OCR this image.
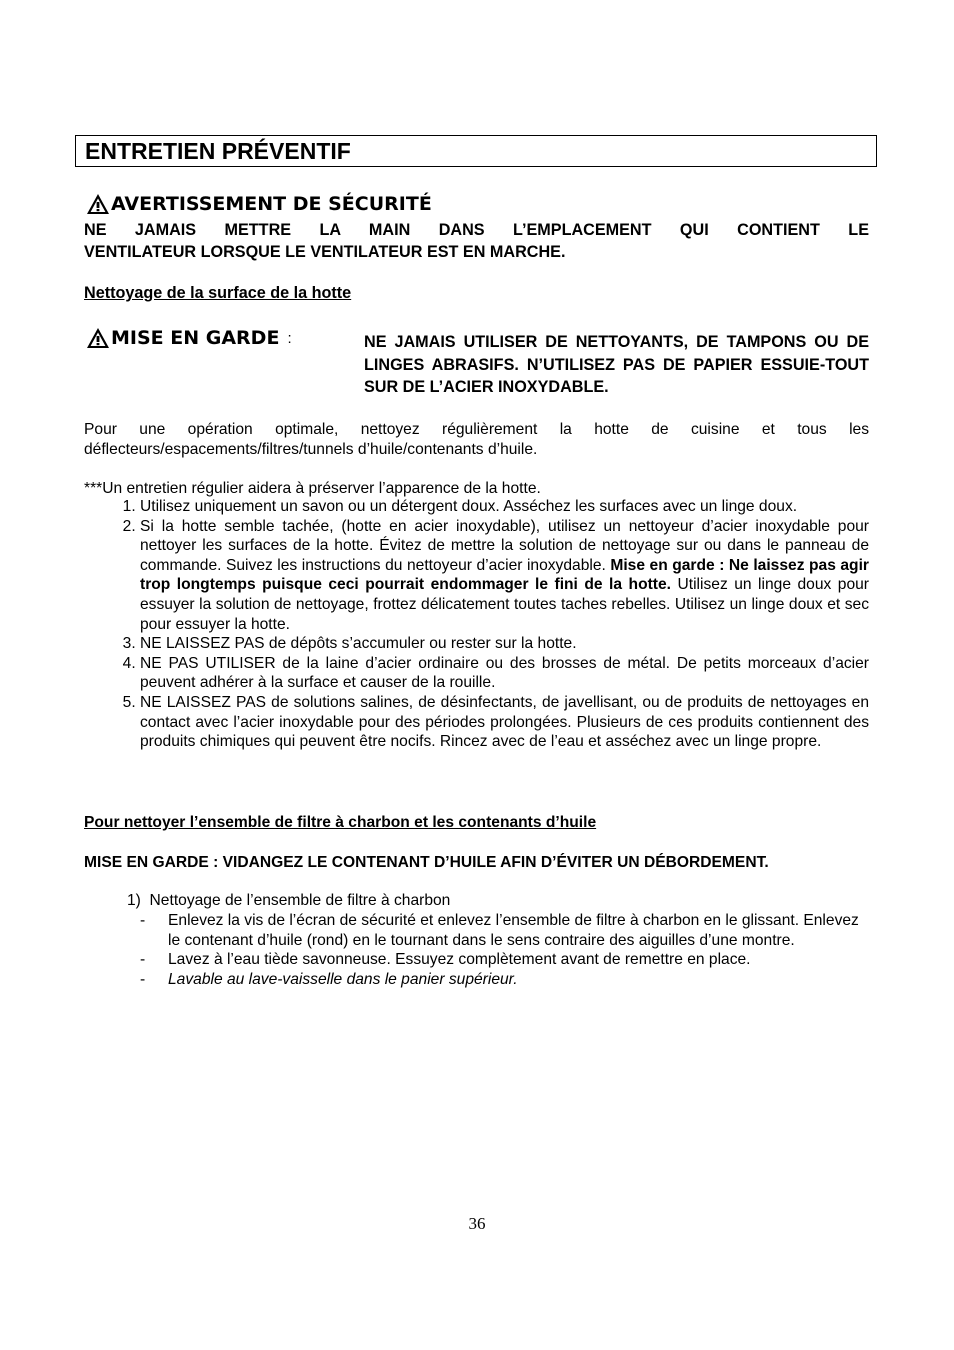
ENTRETIEN PRÉVENTIF
AVERTISSEMENT DE SÉCURITÉ
NE JAMAIS METTRE LA MAIN DANS L’EMPLACEMENT QUI CONTIENT LE
VENTILATEUR LORSQUE LE VENTILATEUR EST EN MARCHE.
Nettoyage de la surface de la hotte
MISE EN GARDE :	NE JAMAIS UTILISER DE NETTOYANTS, DE TAMPONS OU DE LINGES ABRASIFS. N’UTILISEZ PAS DE PAPIER ESSUIE-TOUT SUR DE L’ACIER INOXYDABLE.
Pour une opération optimale, nettoyez régulièrement la hotte de cuisine et tous les déflecteurs/espacements/filtres/tunnels d’huile/contenants d’huile.
***Un entretien régulier aidera à préserver l’apparence de la hotte.
1. Utilisez uniquement un savon ou un détergent doux. Asséchez les surfaces avec un linge doux.
2. Si la hotte semble tachée, (hotte en acier inoxydable), utilisez un nettoyeur d’acier inoxydable pour nettoyer les surfaces de la hotte. Évitez de mettre la solution de nettoyage sur ou dans le panneau de commande. Suivez les instructions du nettoyeur d’acier inoxydable. Mise en garde : Ne laissez pas agir trop longtemps puisque ceci pourrait endommager le fini de la hotte. Utilisez un linge doux pour essuyer la solution de nettoyage, frottez délicatement toutes taches rebelles. Utilisez un linge doux et sec pour essuyer la hotte.
3. NE LAISSEZ PAS de dépôts s’accumuler ou rester sur la hotte.
4. NE PAS UTILISER de la laine d’acier ordinaire ou des brosses de métal. De petits morceaux d’acier peuvent adhérer à la surface et causer de la rouille.
5. NE LAISSEZ PAS de solutions salines, de désinfectants, de javellisant, ou de produits de nettoyages en contact avec l’acier inoxydable pour des périodes prolongées. Plusieurs de ces produits contiennent des produits chimiques qui peuvent être nocifs. Rincez avec de l’eau et asséchez avec un linge propre.
Pour nettoyer l’ensemble de filtre à charbon et les contenants d’huile
MISE EN GARDE : VIDANGEZ LE CONTENANT D’HUILE AFIN D’ÉVITER UN DÉBORDEMENT.
1) Nettoyage de l’ensemble de filtre à charbon
- Enlevez la vis de l’écran de sécurité et enlevez l’ensemble de filtre à charbon en le glissant. Enlevez le contenant d’huile (rond) en le tournant dans le sens contraire des aiguilles d’une montre.
- Lavez à l’eau tiède savonneuse. Essuyez complètement avant de remettre en place.
- Lavable au lave-vaisselle dans le panier supérieur.
36
